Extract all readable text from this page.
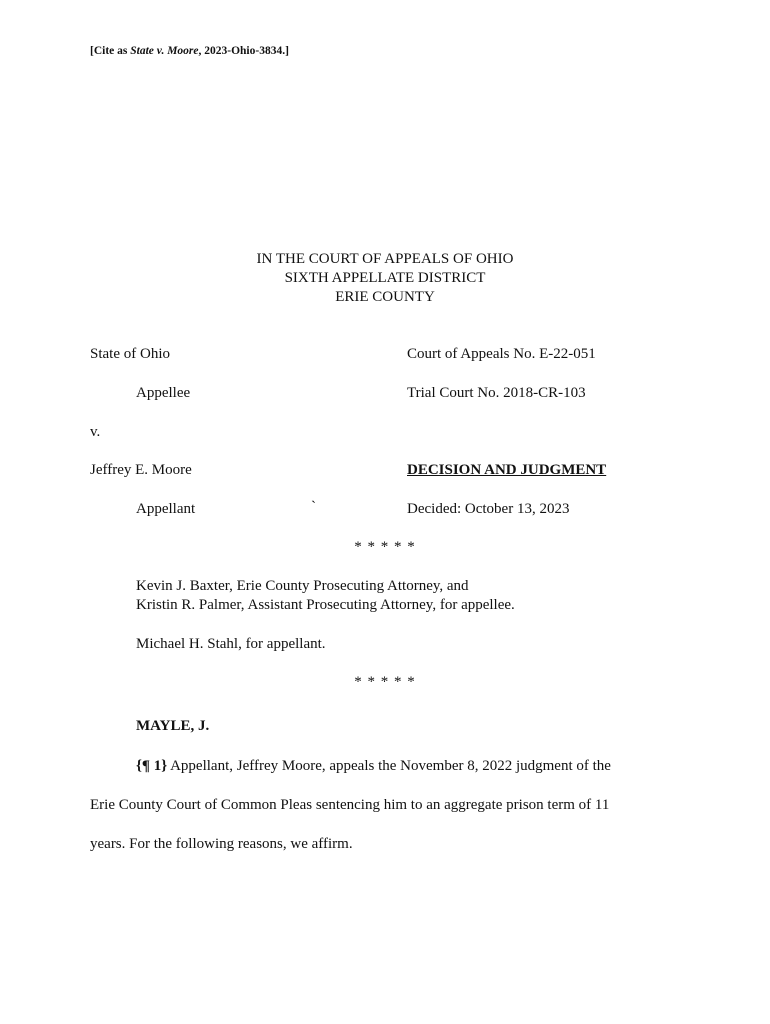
[Cite as State v. Moore, 2023-Ohio-3834.]
IN THE COURT OF APPEALS OF OHIO
SIXTH APPELLATE DISTRICT
ERIE COUNTY
State of Ohio
Appellee
v.
Jeffrey E. Moore
Appellant	`
Court of Appeals No. E-22-051
Trial Court No. 2018-CR-103
DECISION AND JUDGMENT
Decided: October 13, 2023
* * * * *
Kevin J. Baxter, Erie County Prosecuting Attorney, and
Kristin R. Palmer, Assistant Prosecuting Attorney, for appellee.
Michael H. Stahl, for appellant.
* * * * *
MAYLE, J.
{¶ 1} Appellant, Jeffrey Moore, appeals the November 8, 2022 judgment of the
Erie County Court of Common Pleas sentencing him to an aggregate prison term of 11
years. For the following reasons, we affirm.
